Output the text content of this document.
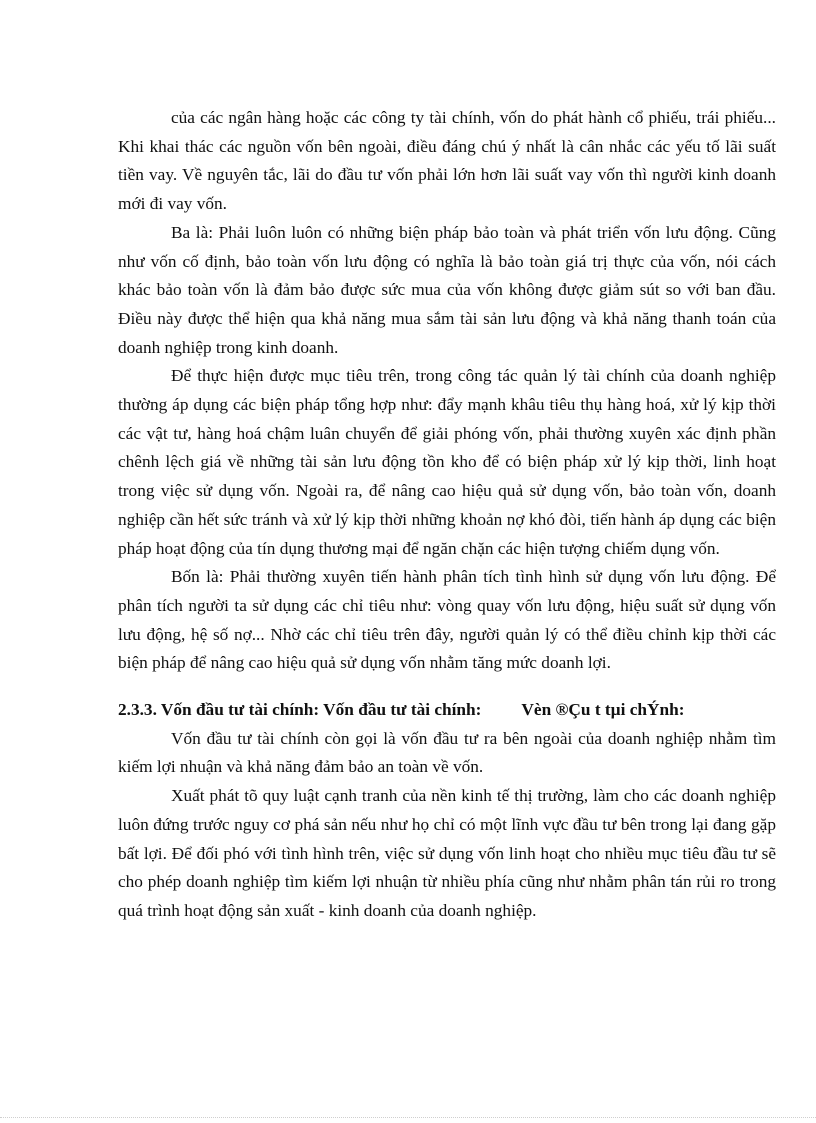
của các ngân hàng hoặc các công ty tài chính, vốn do phát hành cổ phiếu, trái phiếu... Khi khai thác các nguồn vốn bên ngoài, điều đáng chú ý nhất là cân nhắc các yếu tố lãi suất tiền vay. Về nguyên tắc, lãi do đầu tư vốn phải lớn hơn lãi suất vay vốn thì người kinh doanh mới đi vay vốn.

Ba là: Phải luôn luôn có những biện pháp bảo toàn và phát triển vốn lưu động. Cũng như vốn cố định, bảo toàn vốn lưu động có nghĩa là bảo toàn giá trị thực của vốn, nói cách khác bảo toàn vốn là đảm bảo được sức mua của vốn không được giảm sút so với ban đầu. Điều này được thể hiện qua khả năng mua sắm tài sản lưu động và khả năng thanh toán của doanh nghiệp trong kinh doanh.

Để thực hiện được mục tiêu trên, trong công tác quản lý tài chính của doanh nghiệp thường áp dụng các biện pháp tổng hợp như: đẩy mạnh khâu tiêu thụ hàng hoá, xử lý kịp thời các vật tư, hàng hoá chậm luân chuyển để giải phóng vốn, phải thường xuyên xác định phần chênh lệch giá về những tài sản lưu động tồn kho để có biện pháp xử lý kịp thời, linh hoạt trong việc sử dụng vốn. Ngoài ra, để nâng cao hiệu quả sử dụng vốn, bảo toàn vốn, doanh nghiệp cần hết sức tránh và xử lý kịp thời những khoản nợ khó đòi, tiến hành áp dụng các biện pháp hoạt động của tín dụng thương mại để ngăn chặn các hiện tượng chiếm dụng vốn.

Bốn là: Phải thường xuyên tiến hành phân tích tình hình sử dụng vốn lưu động. Để phân tích người ta sử dụng các chỉ tiêu như: vòng quay vốn lưu động, hiệu suất sử dụng vốn lưu động, hệ số nợ... Nhờ các chỉ tiêu trên đây, người quản lý có thể điều chỉnh kịp thời các biện pháp để nâng cao hiệu quả sử dụng vốn nhằm tăng mức doanh lợi.

2.3.3. Vốn đầu tư tài chính: Vốn đầu tư tài chính: Vèn ®Çu t tµi chÝnh:

Vốn đầu tư tài chính còn gọi là vốn đầu tư ra bên ngoài của doanh nghiệp nhằm tìm kiếm lợi nhuận và khả năng đảm bảo an toàn về vốn.

Xuất phát tõ quy luật cạnh tranh của nền kinh tế thị trường, làm cho các doanh nghiệp luôn đứng trước nguy cơ phá sản nếu như họ chỉ có một lĩnh vực đầu tư bên trong lại đang gặp bất lợi. Để đối phó với tình hình trên, việc sử dụng vốn linh hoạt cho nhiều mục tiêu đầu tư sẽ cho phép doanh nghiệp tìm kiếm lợi nhuận từ nhiều phía cũng như nhằm phân tán rủi ro trong quá trình hoạt động sản xuất - kinh doanh của doanh nghiệp.
